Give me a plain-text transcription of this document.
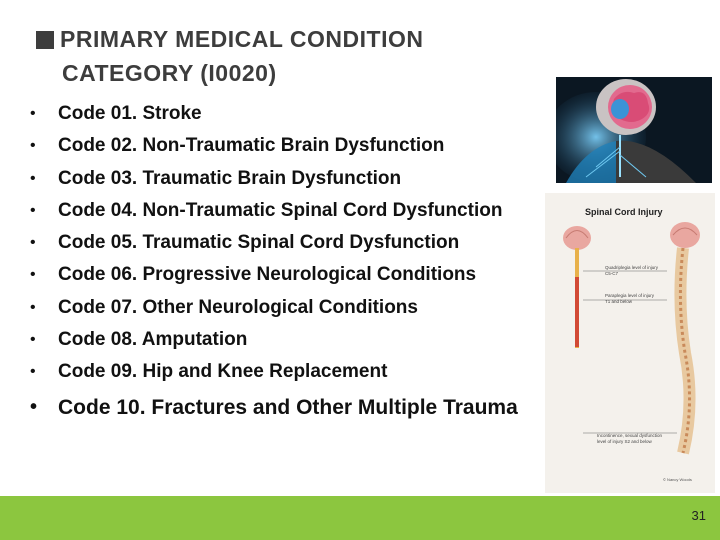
PRIMARY MEDICAL CONDITION
CATEGORY (I0020)
• Code 01. Stroke
• Code 02. Non-Traumatic Brain Dysfunction
• Code 03. Traumatic Brain Dysfunction
• Code 04. Non-Traumatic Spinal Cord Dysfunction
• Code 05. Traumatic Spinal Cord Dysfunction
• Code 06. Progressive Neurological Conditions
• Code 07. Other Neurological Conditions
• Code 08. Amputation
• Code 09. Hip and Knee Replacement
• Code 10. Fractures and Other Multiple Trauma
Spinal Cord Injury
Quadriplegia level of injury C5-C7
Paraplegia level of injury T1 and below
Incontinence, sexual dysfunction level of injury S2 and below
© Nancy Woods
31
